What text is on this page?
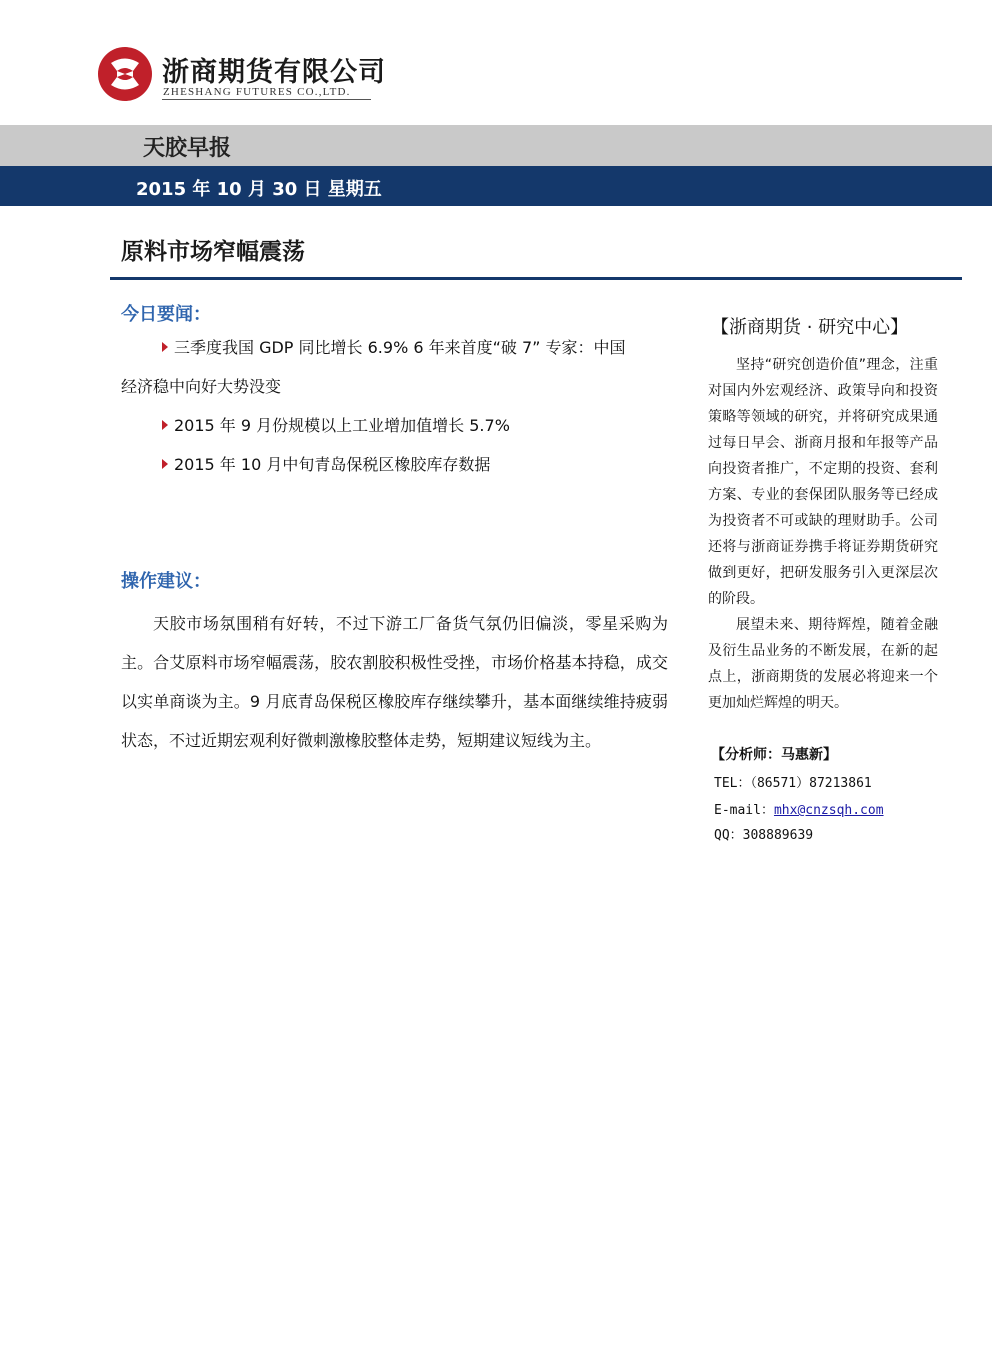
浙商期货有限公司
ZHESHANG FUTURES CO.,LTD.
天胶早报
2015 年 10 月 30 日 星期五
原料市场窄幅震荡
今日要闻：
三季度我国 GDP 同比增长 6.9% 6 年来首度“破 7” 专家：中国
经济稳中向好大势没变
2015 年 9 月份规模以上工业增加值增长 5.7%
2015 年 10 月中旬青岛保税区橡胶库存数据
操作建议：
天胶市场氛围稍有好转，不过下游工厂备货气氛仍旧偏淡，零星采购为主。合艾原料市场窄幅震荡，胶农割胶积极性受挫，市场价格基本持稳，成交以实单商谈为主。9 月底青岛保税区橡胶库存继续攀升，基本面继续维持疲弱状态，不过近期宏观利好微刺激橡胶整体走势，短期建议短线为主。
【浙商期货 · 研究中心】
坚持“研究创造价值”理念，注重对国内外宏观经济、政策导向和投资策略等领域的研究，并将研究成果通过每日早会、浙商月报和年报等产品向投资者推广，不定期的投资、套利方案、专业的套保团队服务等已经成为投资者不可或缺的理财助手。公司还将与浙商证券携手将证券期货研究做到更好，把研发服务引入更深层次的阶段。
展望未来、期待辉煌，随着金融及衍生品业务的不断发展，在新的起点上，浙商期货的发展必将迎来一个更加灿烂辉煌的明天。
【分析师：马惠新】
TEL：（86571）87213861
E-mail：mhx@cnzsqh.com
QQ：308889639
